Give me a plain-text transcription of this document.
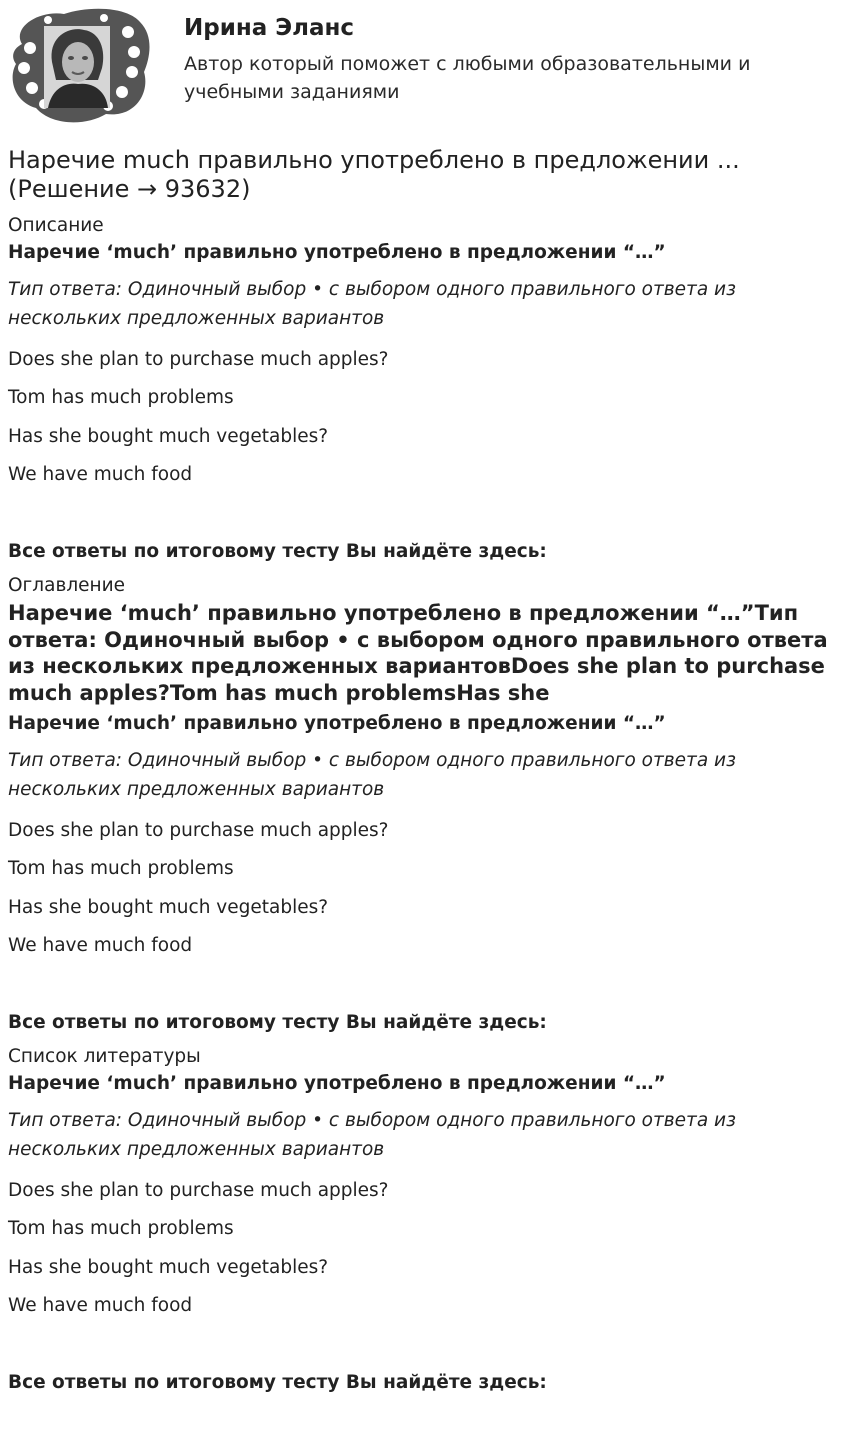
Ирина Эланс
Автор который поможет с любыми образовательными и учебными заданиями
Наречие much правильно употреблено в предложении ... (Решение → 93632)
Описание
Наречие ‘much’ правильно употреблено в предложении “…”
Тип ответа: Одиночный выбор • с выбором одного правильного ответа из нескольких предложенных вариантов
Does she plan to purchase much apples?
Tom has much problems
Has she bought much vegetables?
We have much food
Все ответы по итоговому тесту Вы найдёте здесь:
Оглавление
Наречие ‘much’ правильно употреблено в предложении “…”Тип ответа: Одиночный выбор • с выбором одного правильного ответа из нескольких предложенных вариантовDoes she plan to purchase much apples?Tom has much problemsHas she
Наречие ‘much’ правильно употреблено в предложении “…”
Тип ответа: Одиночный выбор • с выбором одного правильного ответа из нескольких предложенных вариантов
Does she plan to purchase much apples?
Tom has much problems
Has she bought much vegetables?
We have much food
Все ответы по итоговому тесту Вы найдёте здесь:
Список литературы
Наречие ‘much’ правильно употреблено в предложении “…”
Тип ответа: Одиночный выбор • с выбором одного правильного ответа из нескольких предложенных вариантов
Does she plan to purchase much apples?
Tom has much problems
Has she bought much vegetables?
We have much food
Все ответы по итоговому тесту Вы найдёте здесь:
